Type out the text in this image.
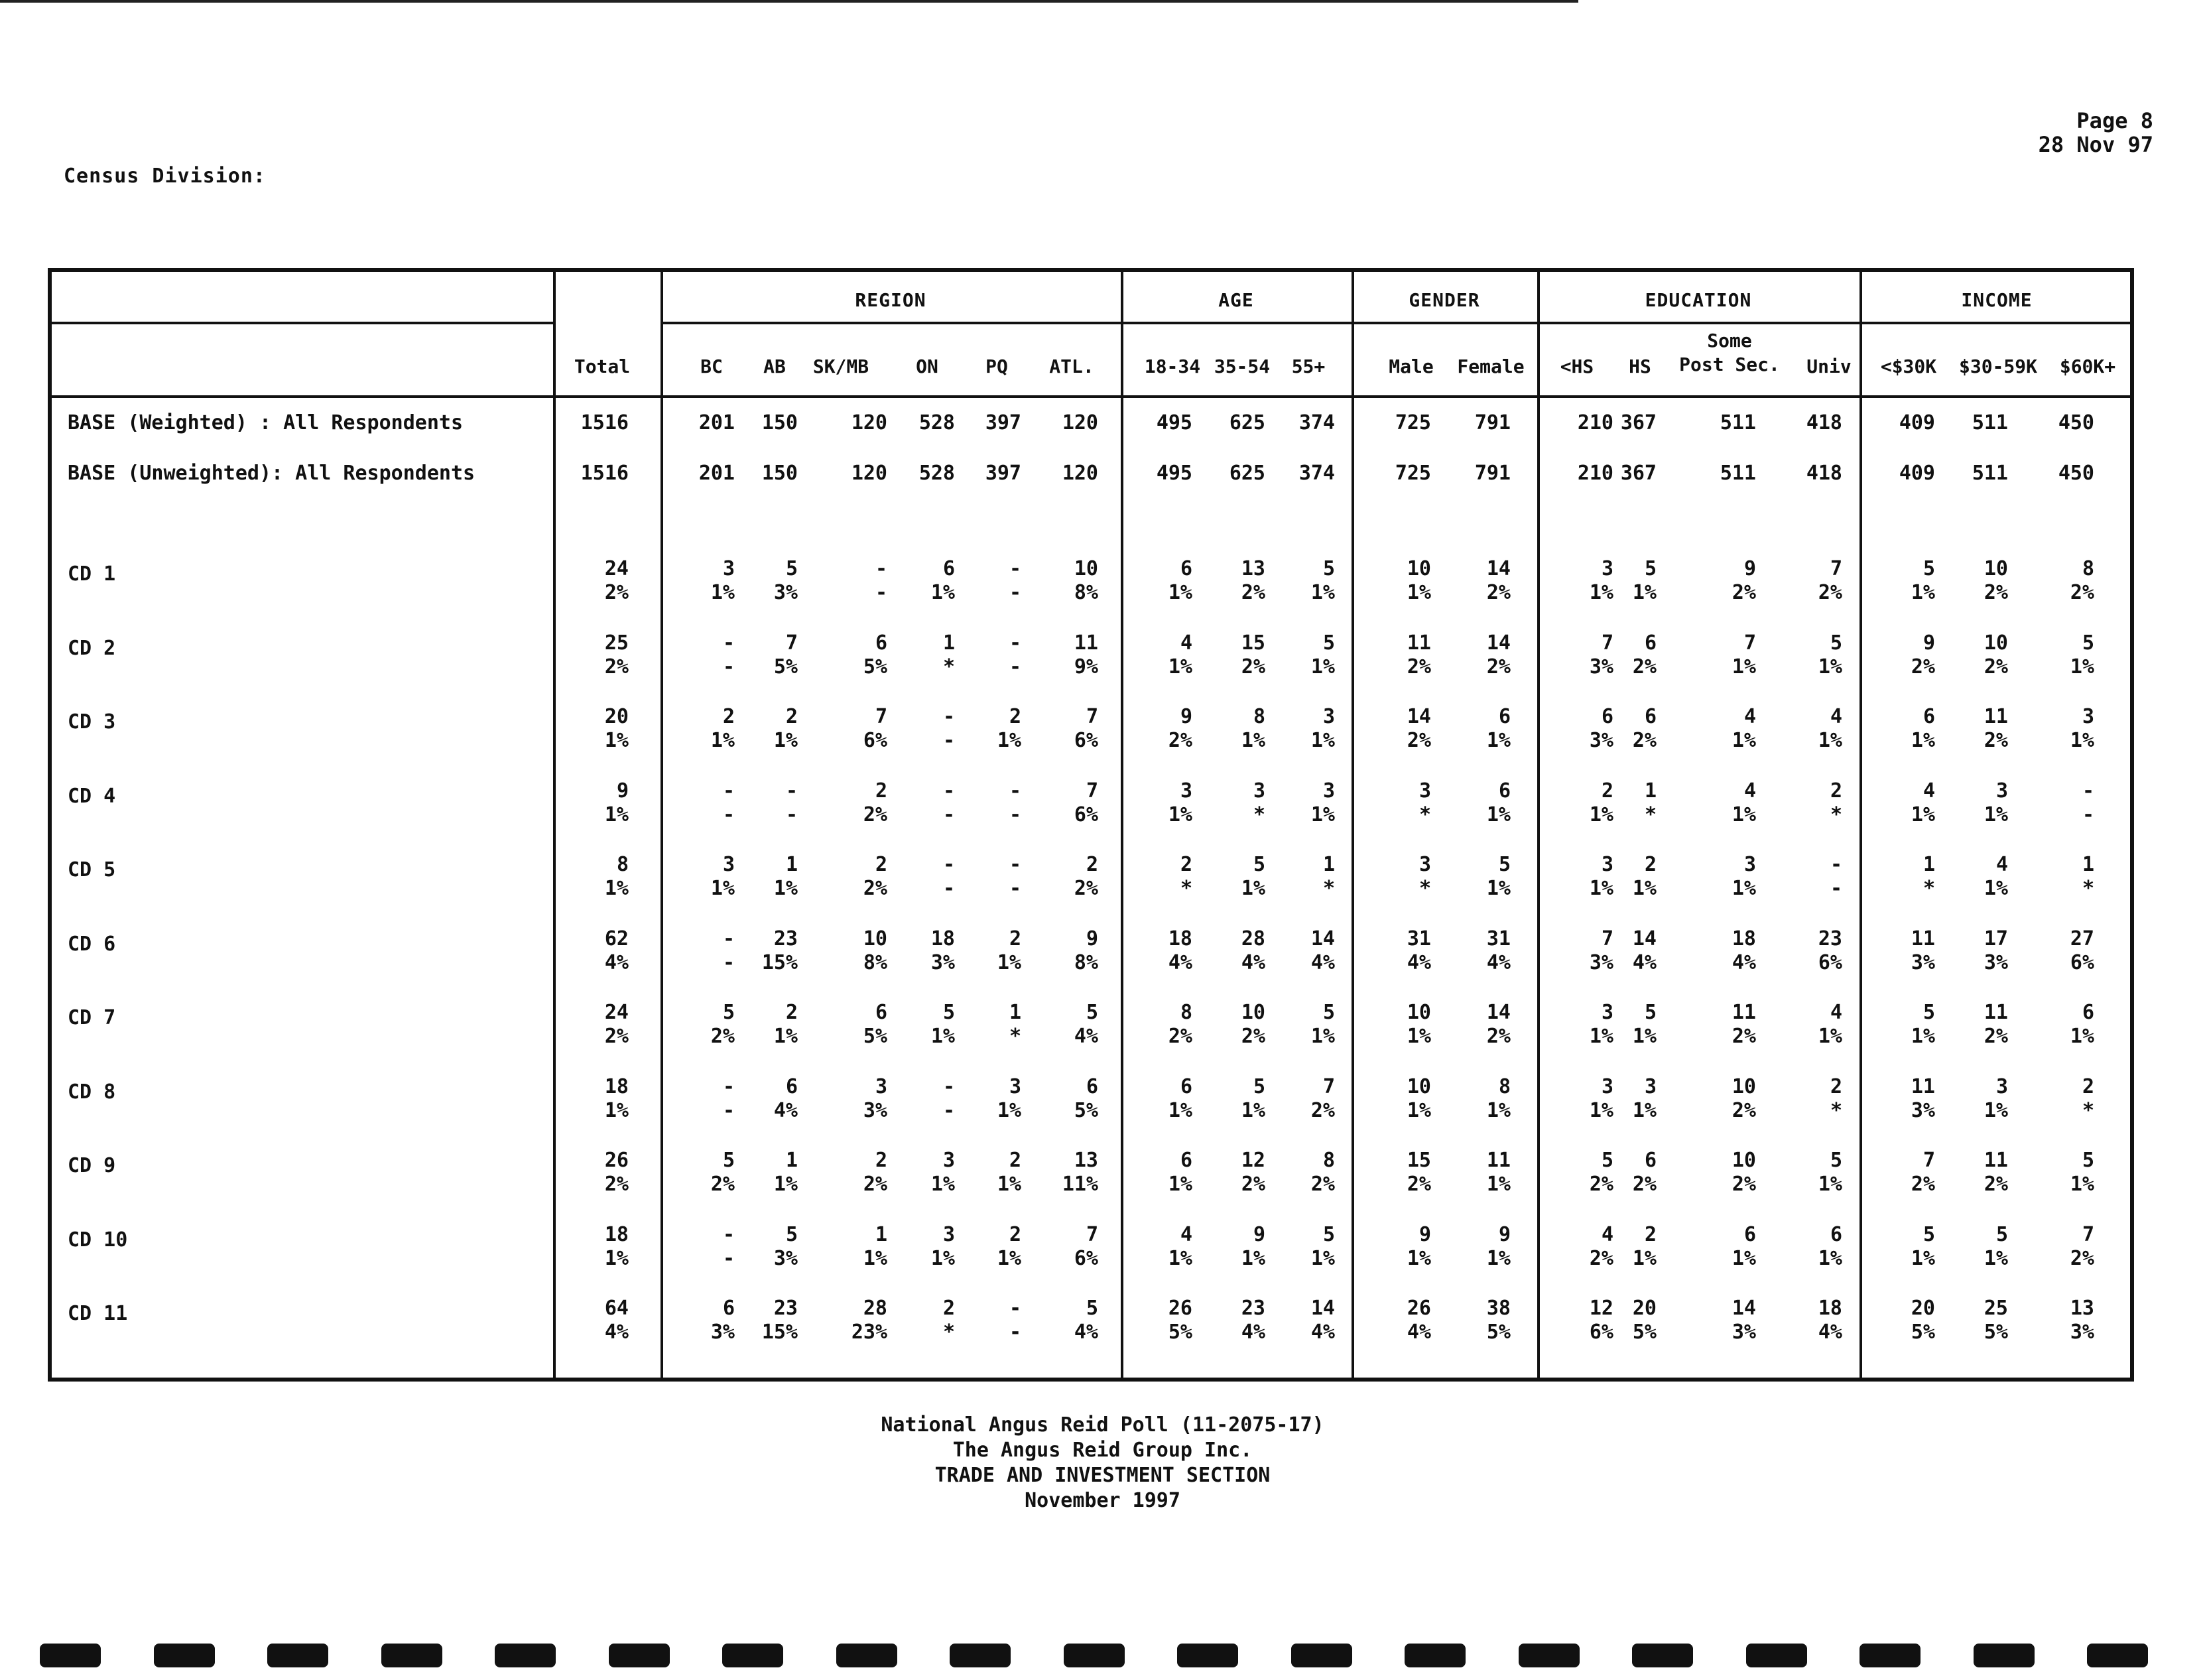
Page 8
28 Nov 97
Census Division:
REGION	AGE	GENDER	EDUCATION	INCOME
Total	BC	AB	SK/MB	ON	PQ	ATL.	18-34 35-54	55+	Male	Female	<HS	HS
Some
Post Sec.	Univ	<$30K	$30-59K	$60K+
BASE (Weighted) : All Respondents	1516	201	150	120	528	397	120	495	625	374	725	791	210 367	511	418	409	511	450
BASE (Unweighted): All Respondents	1516	201	150	120	528	397	120	495	625	374	725	791	210 367	511	418	409	511	450
CD 1	24	3	5	-	6	-	10	6	13	5	10	14	3	5	9	7	5	10	8
2%	1%	3%	-	1%	-	8%	1%	2%	1%	1%	2%	1% 1%	2%	2%	1%	2%	2%
CD 2	25	-	7	6	1	-	11	4	15	5	11	14	7	6	7	5	9	10	5
2%	-	5%	5%	*	-	9%	1%	2%	1%	2%	2%	3% 2%	1%	1%	2%	2%	1%
CD 3	20	2	2	7	-	2	7	9	8	3	14	6	6	6	4	4	6	11	3
1%	1%	1%	6%	-	1%	6%	2%	1%	1%	2%	1%	3% 2%	1%	1%	1%	2%	1%
CD 4	9	-	-	2	-	-	7	3	3	3	3	6	2	1	4	2	4	3	-
1%	-	-	2%	-	-	6%	1%	*	1%	*	1%	1%	*	1%	*	1%	1%	-
CD 5	8	3	1	2	-	-	2	2	5	1	3	5	3	2	3	-	1	4	1
1%	1%	1%	2%	-	-	2%	*	1%	*	*	1%	1% 1%	1%	-	*	1%	*
CD 6	62	-	23	10	18	2	9	18	28	14	31	31	7 14	18	23	11	17	27
4%	-	15%	8%	3%	1%	8%	4%	4%	4%	4%	4%	3% 4%	4%	6%	3%	3%	6%
CD 7	24	5	2	6	5	1	5	8	10	5	10	14	3	5	11	4	5	11	6
2%	2%	1%	5%	1%	*	4%	2%	2%	1%	1%	2%	1% 1%	2%	1%	1%	2%	1%
CD 8	18	-	6	3	-	3	6	6	5	7	10	8	3	3	10	2	11	3	2
1%	-	4%	3%	-	1%	5%	1%	1%	2%	1%	1%	1% 1%	2%	*	3%	1%	*
CD 9	26	5	1	2	3	2	13	6	12	8	15	11	5	6	10	5	7	11	5
2%	2%	1%	2%	1%	1%	11%	1%	2%	2%	2%	1%	2% 2%	2%	1%	2%	2%	1%
CD 10	18	-	5	1	3	2	7	4	9	5	9	9	4	2	6	6	5	5	7
1%	-	3%	1%	1%	1%	6%	1%	1%	1%	1%	1%	2% 1%	1%	1%	1%	1%	2%
CD 11	64	6	23	28	2	-	5	26	23	14	26	38	12 20	14	18	20	25	13
4%	3%	15%	23%	*	-	4%	5%	4%	4%	4%	5%	6% 5%	3%	4%	5%	5%	3%
National Angus Reid Poll (11-2075-17)
The Angus Reid Group Inc.
TRADE AND INVESTMENT SECTION
November 1997
